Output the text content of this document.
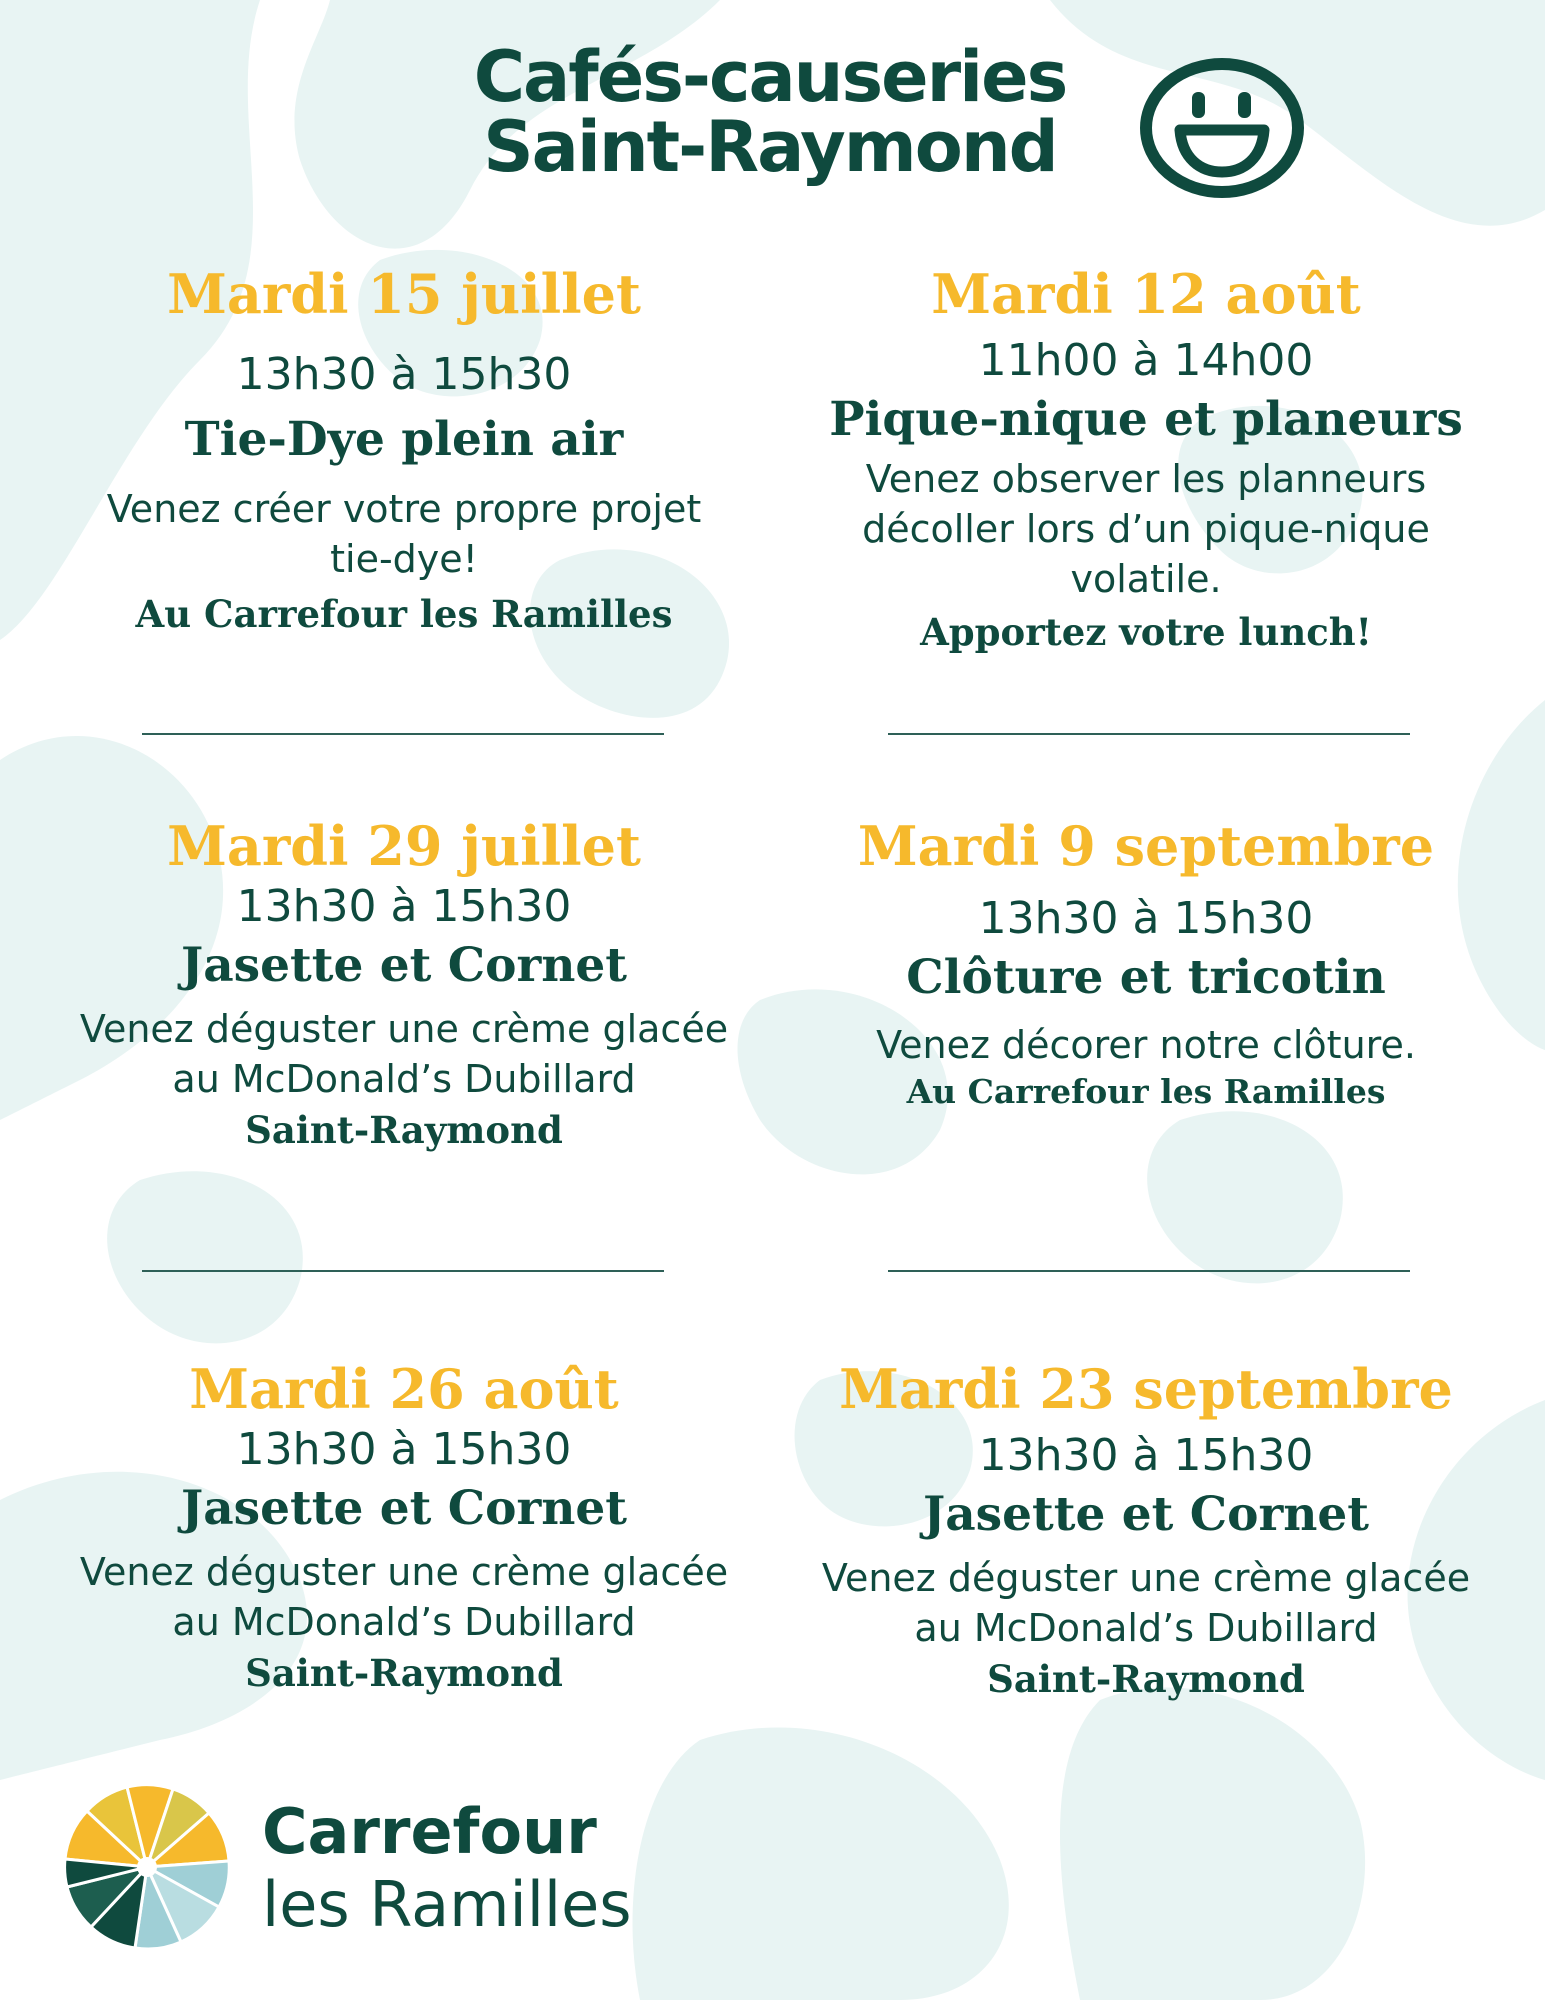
Cafés-causeries
Saint-Raymond
Mardi 15 juillet
13h30 à 15h30
Tie-Dye plein air
Venez créer votre propre projet
tie-dye!
Au Carrefour les Ramilles
Mardi 12 août
11h00 à 14h00
Pique-nique et planeurs
Venez observer les planneurs
décoller lors d’un pique-nique
volatile.
Apportez votre lunch!
Mardi 29 juillet
13h30 à 15h30
Jasette et Cornet
Venez déguster une crème glacée
au McDonald’s Dubillard
Saint-Raymond
Mardi 9 septembre
13h30 à 15h30
Clôture et tricotin
Venez décorer notre clôture.
Au Carrefour les Ramilles
Mardi 26 août
13h30 à 15h30
Jasette et Cornet
Venez déguster une crème glacée
au McDonald’s Dubillard
Saint-Raymond
Mardi 23 septembre
13h30 à 15h30
Jasette et Cornet
Venez déguster une crème glacée
au McDonald’s Dubillard
Saint-Raymond
Carrefour
les Ramilles
